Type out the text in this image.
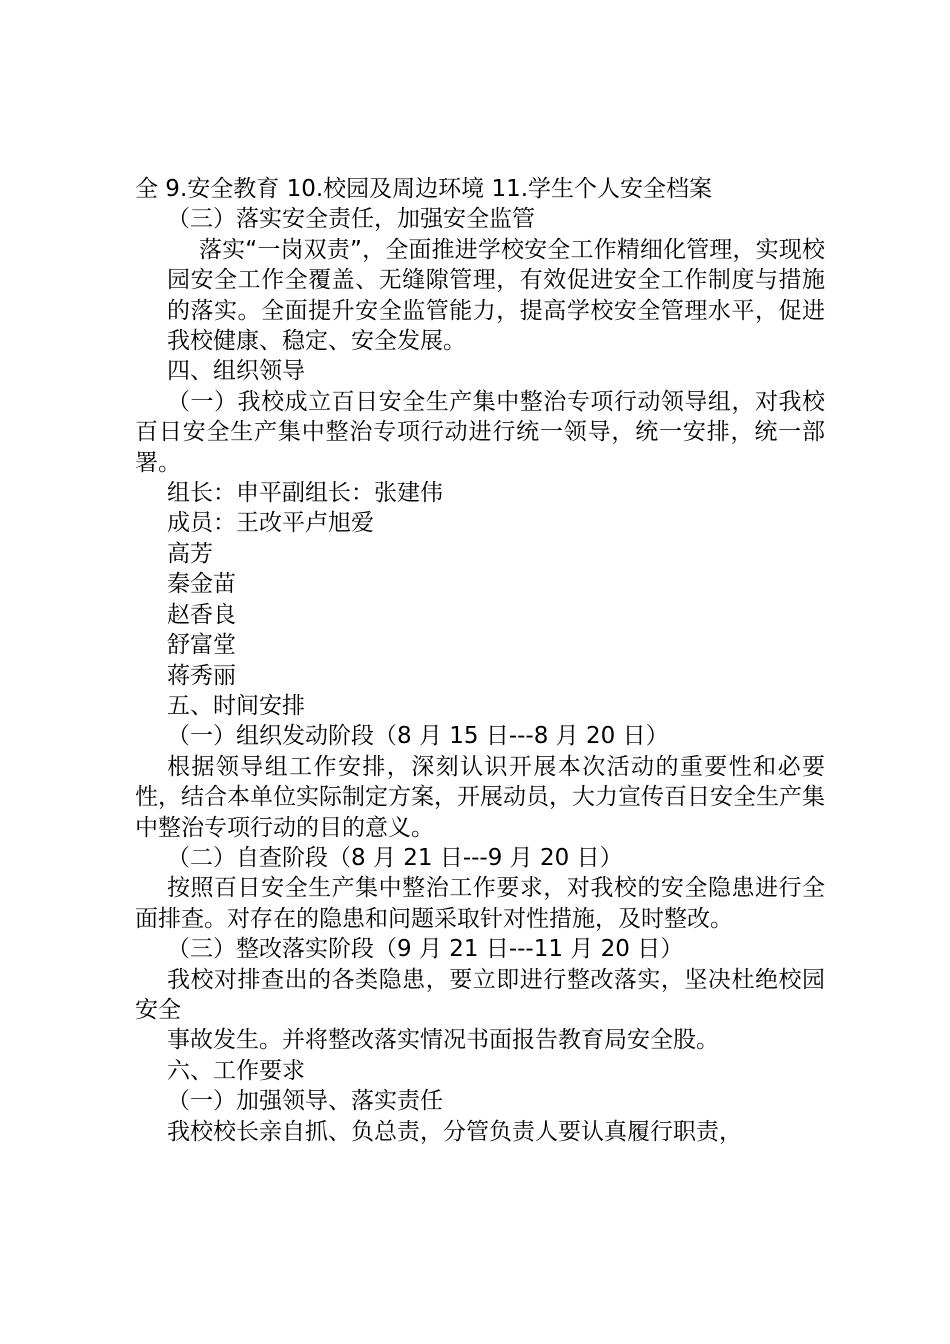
全 9.安全教育 10.校园及周边环境 11.学生个人安全档案

（三）落实安全责任，加强安全监管

落实“一岗双责”，全面推进学校安全工作精细化管理，实现校园安全工作全覆盖、无缝隙管理，有效促进安全工作制度与措施的落实。全面提升安全监管能力，提高学校安全管理水平，促进我校健康、稳定、安全发展。

四、组织领导

（一）我校成立百日安全生产集中整治专项行动领导组，对我校百日安全生产集中整治专项行动进行统一领导，统一安排，统一部署。

组长：申平副组长：张建伟

成员：王改平卢旭爱

高芳

秦金苗

赵香良

舒富堂

蒋秀丽

五、时间安排

（一）组织发动阶段（8 月 15 日---8 月 20 日）

根据领导组工作安排，深刻认识开展本次活动的重要性和必要性，结合本单位实际制定方案，开展动员，大力宣传百日安全生产集中整治专项行动的目的意义。

（二）自查阶段（8 月 21 日---9 月 20 日）

按照百日安全生产集中整治工作要求，对我校的安全隐患进行全面排查。对存在的隐患和问题采取针对性措施，及时整改。

（三）整改落实阶段（9 月 21 日---11 月 20 日）

我校对排查出的各类隐患，要立即进行整改落实，坚决杜绝校园安全

事故发生。并将整改落实情况书面报告教育局安全股。

六、工作要求

（一）加强领导、落实责任

我校校长亲自抓、负总责，分管负责人要认真履行职责，
